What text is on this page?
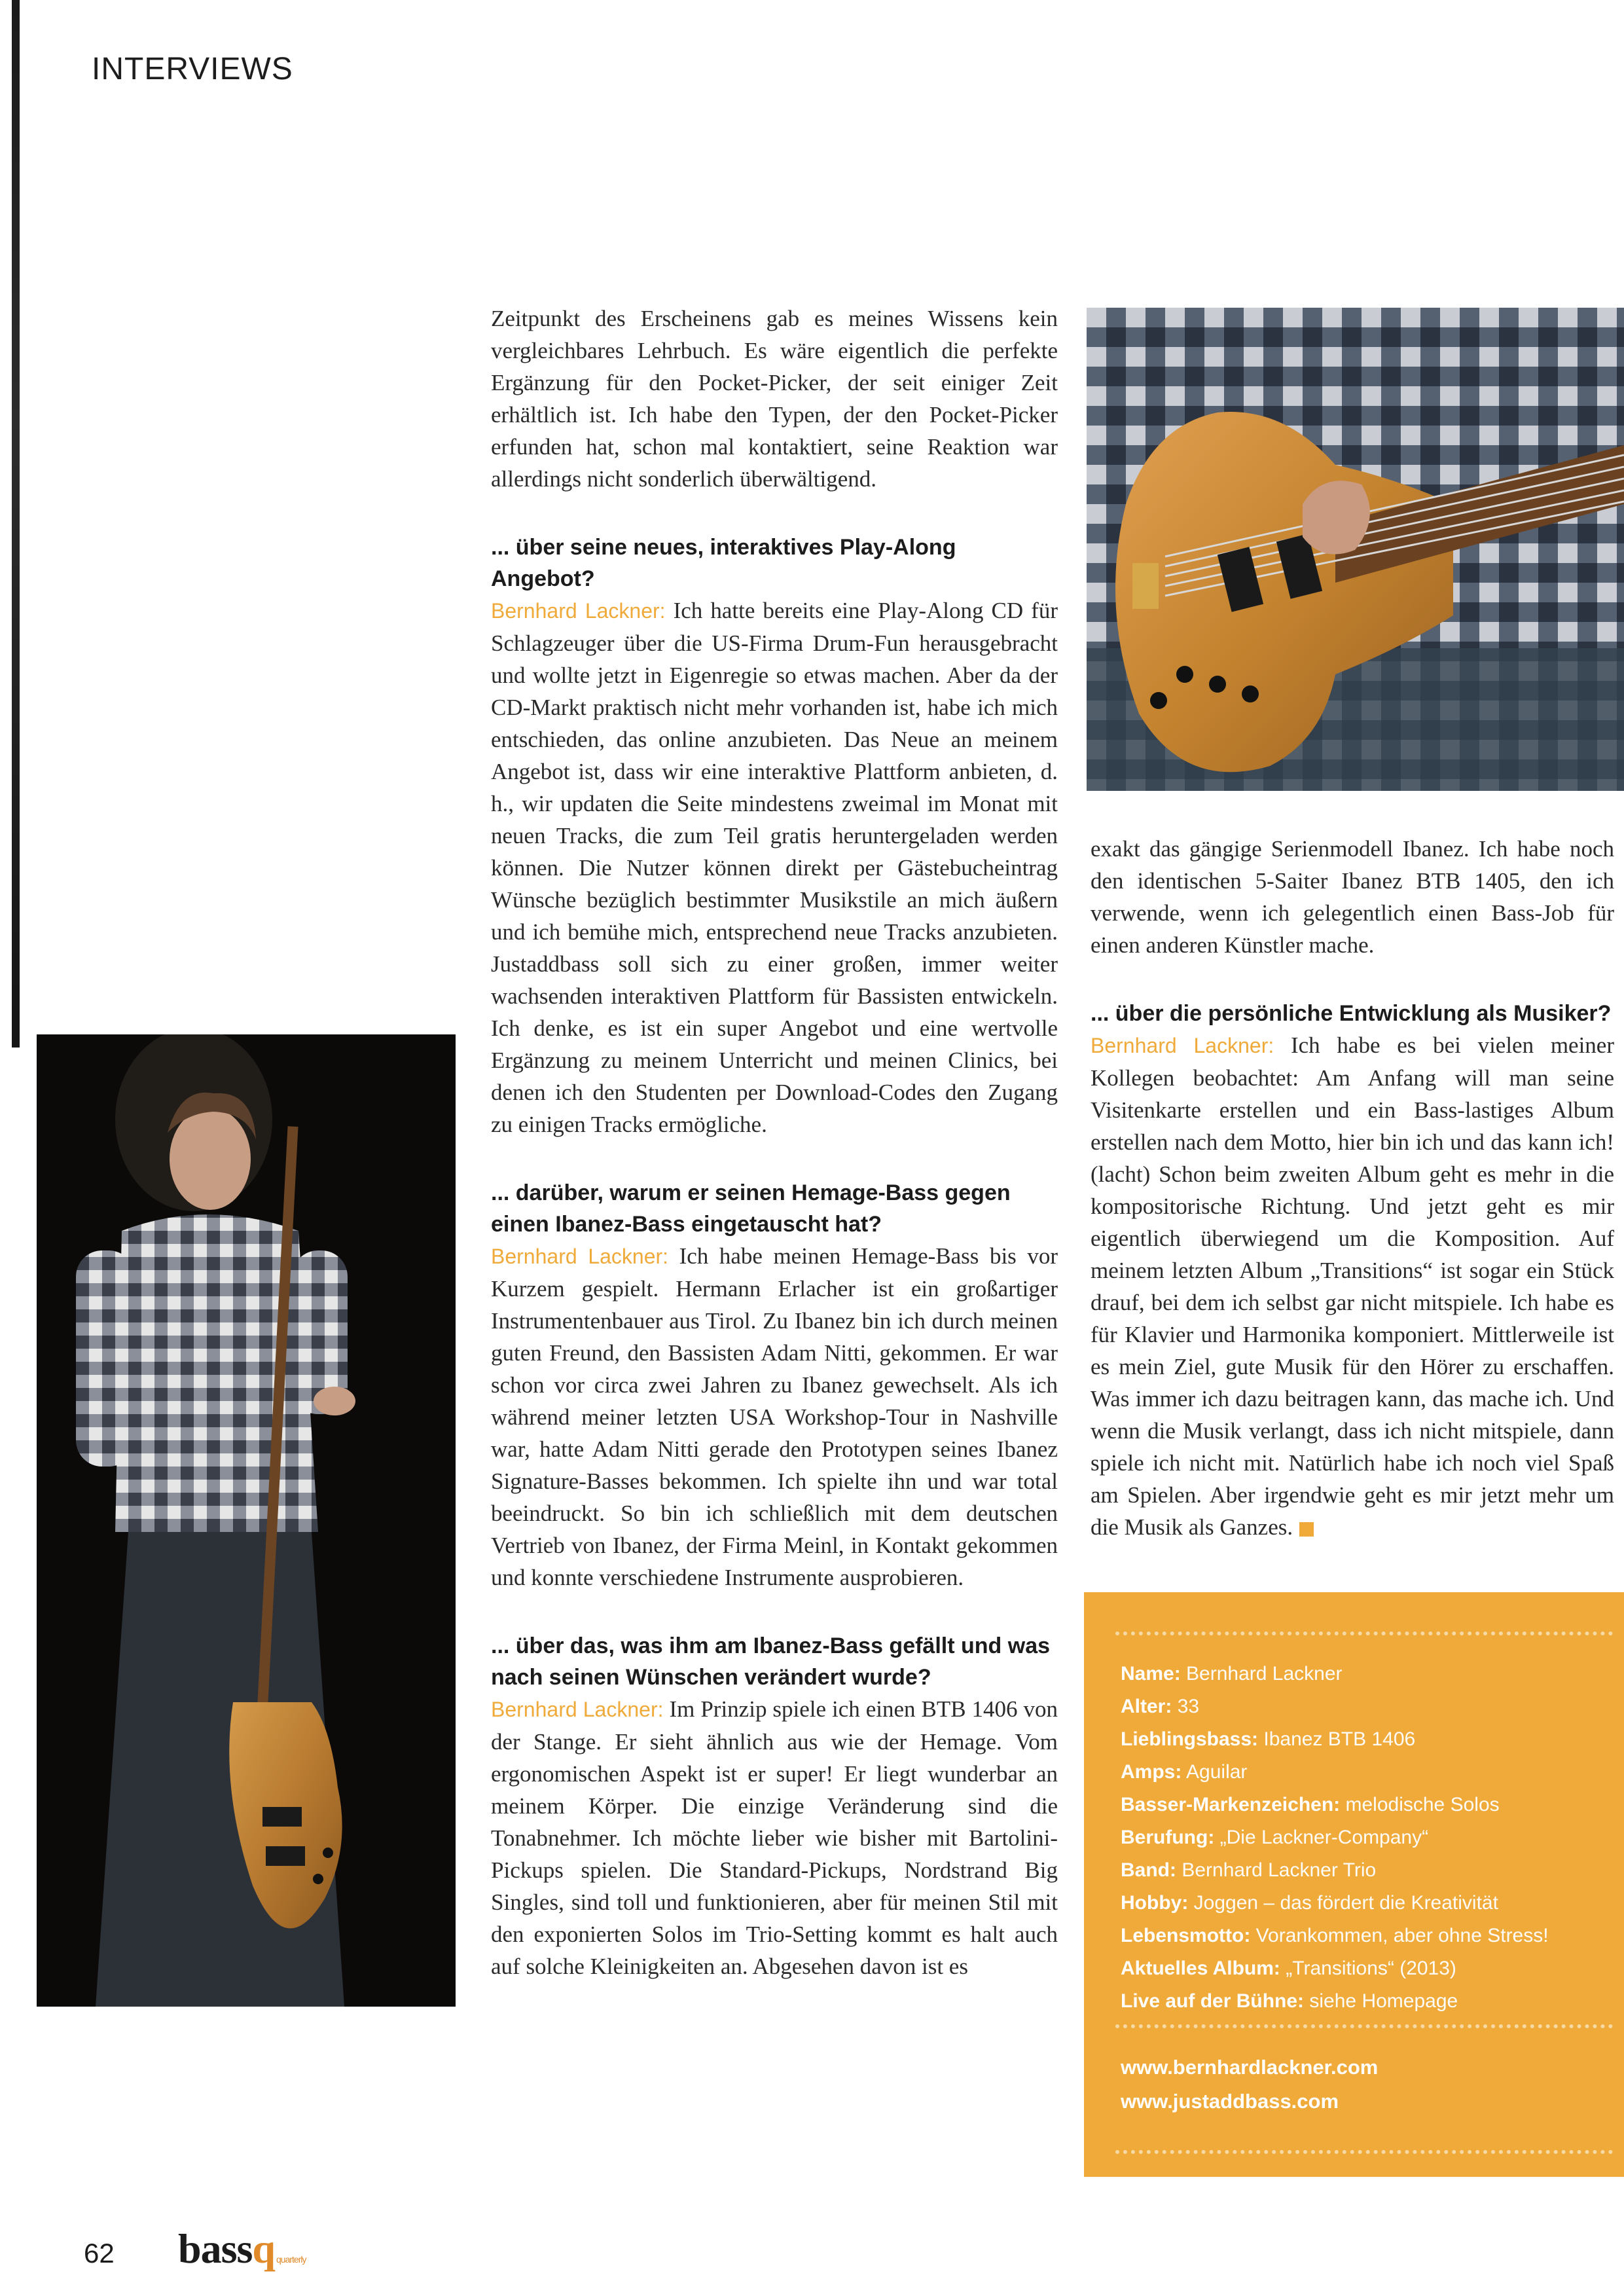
INTERVIEWS

Zeitpunkt des Erscheinens gab es meines Wissens kein vergleichbares Lehrbuch. Es wäre eigentlich die perfekte Ergänzung für den Pocket-Picker, der seit einiger Zeit erhältlich ist. Ich habe den Typen, der den Pocket-Picker erfunden hat, schon mal kontaktiert, seine Reaktion war allerdings nicht sonderlich überwältigend.

... über seine neues, interaktives Play-Along Angebot?

Bernhard Lackner: Ich hatte bereits eine Play-Along CD für Schlagzeuger über die US-Firma Drum-Fun herausgebracht und wollte jetzt in Eigenregie so etwas machen. Aber da der CD-Markt praktisch nicht mehr vorhanden ist, habe ich mich entschieden, das online anzubieten. Das Neue an meinem Angebot ist, dass wir eine interaktive Plattform anbieten, d. h., wir updaten die Seite mindestens zweimal im Monat mit neuen Tracks, die zum Teil gratis heruntergeladen werden können. Die Nutzer können direkt per Gästebucheintrag Wünsche bezüglich bestimmter Musikstile an mich äußern und ich bemühe mich, entsprechend neue Tracks anzubieten. Justaddbass soll sich zu einer großen, immer weiter wachsenden interaktiven Plattform für Bassisten entwickeln. Ich denke, es ist ein super Angebot und eine wertvolle Ergänzung zu meinem Unterricht und meinen Clinics, bei denen ich den Studenten per Download-Codes den Zugang zu einigen Tracks ermögliche.

... darüber, warum er seinen Hemage-Bass gegen einen Ibanez-Bass eingetauscht hat?

Bernhard Lackner: Ich habe meinen Hemage-Bass bis vor Kurzem gespielt. Hermann Erlacher ist ein großartiger Instrumentenbauer aus Tirol. Zu Ibanez bin ich durch meinen guten Freund, den Bassisten Adam Nitti, gekommen. Er war schon vor circa zwei Jahren zu Ibanez gewechselt. Als ich während meiner letzten USA Workshop-Tour in Nashville war, hatte Adam Nitti gerade den Prototypen seines Ibanez Signature-Basses bekommen. Ich spielte ihn und war total beeindruckt. So bin ich schließlich mit dem deutschen Vertrieb von Ibanez, der Firma Meinl, in Kontakt gekommen und konnte verschiedene Instrumente ausprobieren.

... über das, was ihm am Ibanez-Bass gefällt und was nach seinen Wünschen verändert wurde?

Bernhard Lackner: Im Prinzip spiele ich einen BTB 1406 von der Stange. Er sieht ähnlich aus wie der Hemage. Vom ergonomischen Aspekt ist er super! Er liegt wunderbar an meinem Körper. Die einzige Veränderung sind die Tonabnehmer. Ich möchte lieber wie bisher mit Bartolini-Pickups spielen. Die Standard-Pickups, Nordstrand Big Singles, sind toll und funktionieren, aber für meinen Stil mit den exponierten Solos im Trio-Setting kommt es halt auch auf solche Kleinigkeiten an. Abgesehen davon ist es

exakt das gängige Serienmodell Ibanez. Ich habe noch den identischen 5-Saiter Ibanez BTB 1405, den ich verwende, wenn ich gelegentlich einen Bass-Job für einen anderen Künstler mache.

... über die persönliche Entwicklung als Musiker?

Bernhard Lackner: Ich habe es bei vielen meiner Kollegen beobachtet: Am Anfang will man seine Visitenkarte erstellen und ein Bass-lastiges Album erstellen nach dem Motto, hier bin ich und das kann ich! (lacht) Schon beim zweiten Album geht es mehr in die kompositorische Richtung. Und jetzt geht es mir eigentlich überwiegend um die Komposition. Auf meinem letzten Album „Transitions“ ist sogar ein Stück drauf, bei dem ich selbst gar nicht mitspiele. Ich habe es für Klavier und Harmonika komponiert. Mittlerweile ist es mein Ziel, gute Musik für den Hörer zu erschaffen. Was immer ich dazu beitragen kann, das mache ich. Und wenn die Musik verlangt, dass ich nicht mitspiele, dann spiele ich nicht mit. Natürlich habe ich noch viel Spaß am Spielen. Aber irgendwie geht es mir jetzt mehr um die Musik als Ganzes.

Name: Bernhard Lackner
Alter: 33
Lieblingsbass: Ibanez BTB 1406
Amps: Aguilar
Basser-Markenzeichen: melodische Solos
Berufung: „Die Lackner-Company“
Band: Bernhard Lackner Trio
Hobby: Joggen – das fördert die Kreativität
Lebensmotto: Vorankommen, aber ohne Stress!
Aktuelles Album: „Transitions“ (2013)
Live auf der Bühne: siehe Homepage
www.bernhardlackner.com
www.justaddbass.com
62 bassq quarterly
